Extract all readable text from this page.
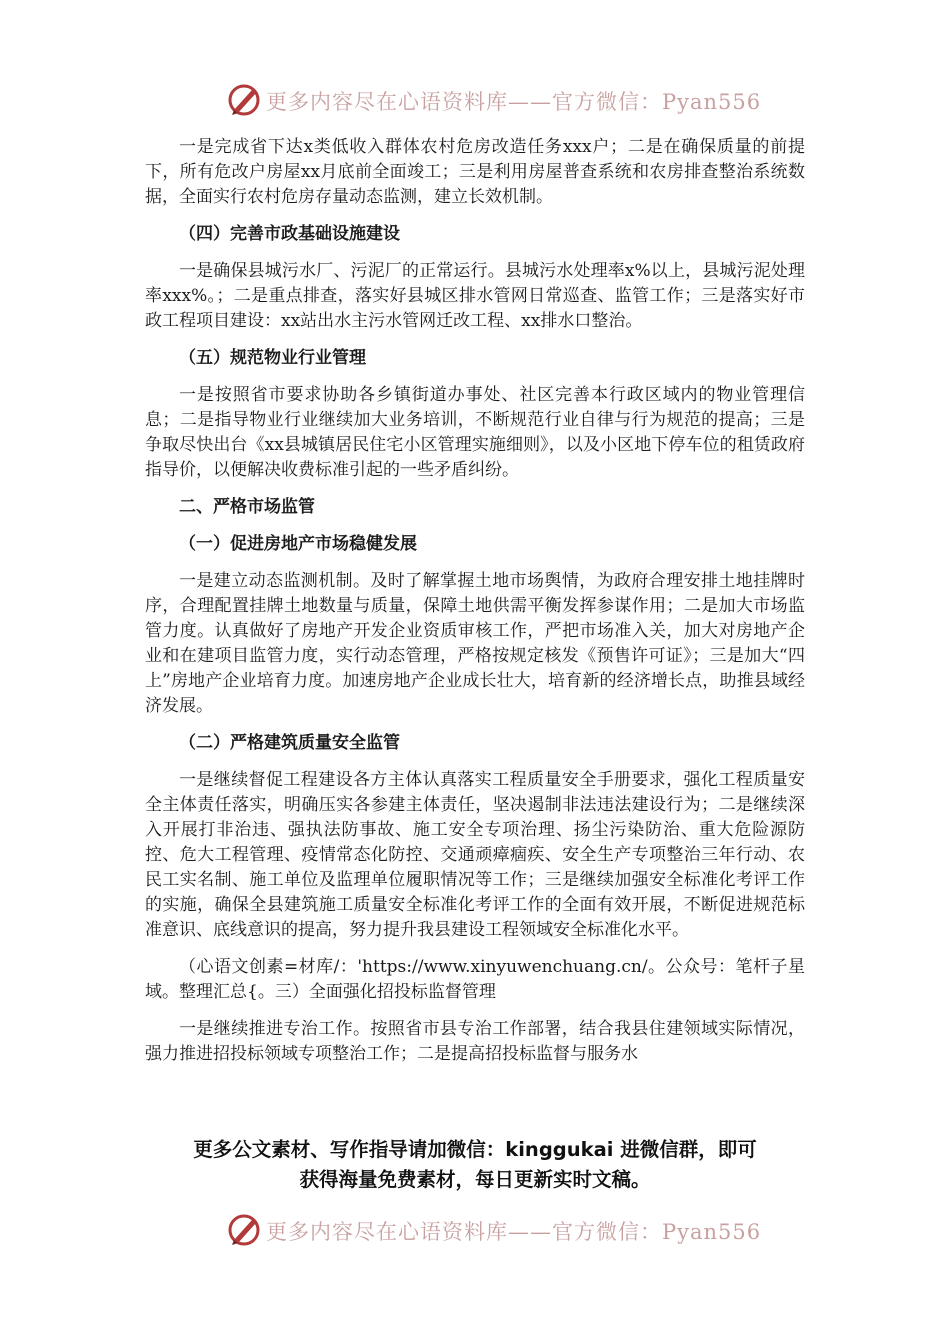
更多内容尽在心语资料库——官方微信：Pyan556

一是完成省下达x类低收入群体农村危房改造任务xxx户；二是在确保质量的前提下，所有危改户房屋xx月底前全面竣工；三是利用房屋普查系统和农房排查整治系统数据，全面实行农村危房存量动态监测，建立长效机制。

（四）完善市政基础设施建设

一是确保县城污水厂、污泥厂的正常运行。县城污水处理率x%以上，县城污泥处理率xxx%。；二是重点排查，落实好县城区排水管网日常巡查、监管工作；三是落实好市政工程项目建设：xx站出水主污水管网迁改工程、xx排水口整治。

（五）规范物业行业管理

一是按照省市要求协助各乡镇街道办事处、社区完善本行政区域内的物业管理信息；二是指导物业行业继续加大业务培训，不断规范行业自律与行为规范的提高；三是争取尽快出台《xx县城镇居民住宅小区管理实施细则》，以及小区地下停车位的租赁政府指导价，以便解决收费标准引起的一些矛盾纠纷。

二、严格市场监管

（一）促进房地产市场稳健发展

一是建立动态监测机制。及时了解掌握土地市场舆情，为政府合理安排土地挂牌时序，合理配置挂牌土地数量与质量，保障土地供需平衡发挥参谋作用；二是加大市场监管力度。认真做好了房地产开发企业资质审核工作，严把市场准入关，加大对房地产企业和在建项目监管力度，实行动态管理，严格按规定核发《预售许可证》；三是加大“四上”房地产企业培育力度。加速房地产企业成长壮大，培育新的经济增长点，助推县域经济发展。

（二）严格建筑质量安全监管

一是继续督促工程建设各方主体认真落实工程质量安全手册要求，强化工程质量安全主体责任落实，明确压实各参建主体责任，坚决遏制非法违法建设行为；二是继续深入开展打非治违、强执法防事故、施工安全专项治理、扬尘污染防治、重大危险源防控、危大工程管理、疫情常态化防控、交通顽瘴痼疾、安全生产专项整治三年行动、农民工实名制、施工单位及监理单位履职情况等工作；三是继续加强安全标准化考评工作的实施，确保全县建筑施工质量安全标准化考评工作的全面有效开展，不断促进规范标准意识、底线意识的提高，努力提升我县建设工程领域安全标准化水平。

（心语文创素=材库/：'https://www.xinyuwenchuang.cn/。公众号：笔杆子星域。整理汇总{。三）全面强化招投标监督管理

一是继续推进专治工作。按照省市县专治工作部署，结合我县住建领域实际情况，强力推进招投标领域专项整治工作；二是提高招投标监督与服务水

更多公文素材、写作指导请加微信：kinggukai 进微信群，即可
获得海量免费素材，每日更新实时文稿。
更多内容尽在心语资料库——官方微信：Pyan556
